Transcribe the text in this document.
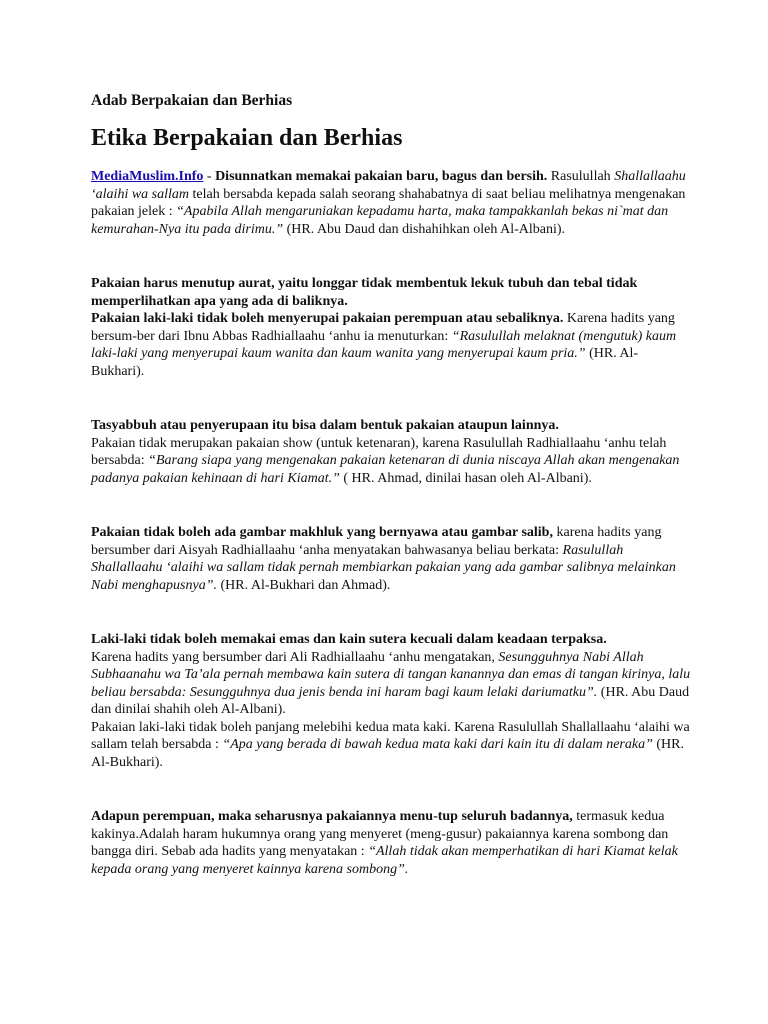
Adab Berpakaian dan Berhias
Etika Berpakaian dan Berhias

MediaMuslim.Info - Disunnatkan memakai pakaian baru, bagus dan bersih. Rasulullah Shallallaahu ‘alaihi wa sallam telah bersabda kepada salah seorang shahabatnya di saat beliau melihatnya mengenakan pakaian jelek : “Apabila Allah mengaruniakan kepadamu harta, maka tampakkanlah bekas ni`mat dan kemurahan-Nya itu pada dirimu.” (HR. Abu Daud dan dishahihkan oleh Al-Albani).

Pakaian harus menutup aurat, yaitu longgar tidak membentuk lekuk tubuh dan tebal tidak memperlihatkan apa yang ada di baliknya.
Pakaian laki-laki tidak boleh menyerupai pakaian perempuan atau sebaliknya. Karena hadits yang bersum-ber dari Ibnu Abbas Radhiallaahu ‘anhu ia menuturkan: “Rasulullah melaknat (mengutuk) kaum laki-laki yang menyerupai kaum wanita dan kaum wanita yang menyerupai kaum pria.” (HR. Al-Bukhari).

Tasyabbuh atau penyerupaan itu bisa dalam bentuk pakaian ataupun lainnya.
Pakaian tidak merupakan pakaian show (untuk ketenaran), karena Rasulullah Radhiallaahu ‘anhu telah bersabda: “Barang siapa yang mengenakan pakaian ketenaran di dunia niscaya Allah akan mengenakan padanya pakaian kehinaan di hari Kiamat.” ( HR. Ahmad, dinilai hasan oleh Al-Albani).

Pakaian tidak boleh ada gambar makhluk yang bernyawa atau gambar salib, karena hadits yang bersumber dari Aisyah Radhiallaahu ‘anha menyatakan bahwasanya beliau berkata: Rasulullah Shallallaahu ‘alaihi wa sallam tidak pernah membiarkan pakaian yang ada gambar salibnya melainkan Nabi menghapusnya”. (HR. Al-Bukhari dan Ahmad).

Laki-laki tidak boleh memakai emas dan kain sutera kecuali dalam keadaan terpaksa.
Karena hadits yang bersumber dari Ali Radhiallaahu ‘anhu mengatakan, Sesungguhnya Nabi Allah Subhaanahu wa Ta’ala pernah membawa kain sutera di tangan kanannya dan emas di tangan kirinya, lalu beliau bersabda: Sesungguhnya dua jenis benda ini haram bagi kaum lelaki dariumatku”. (HR. Abu Daud dan dinilai shahih oleh Al-Albani).
Pakaian laki-laki tidak boleh panjang melebihi kedua mata kaki. Karena Rasulullah Shallallaahu ‘alaihi wa sallam telah bersabda : “Apa yang berada di bawah kedua mata kaki dari kain itu di dalam neraka” (HR. Al-Bukhari).

Adapun perempuan, maka seharusnya pakaiannya menu-tup seluruh badannya, termasuk kedua kakinya.Adalah haram hukumnya orang yang menyeret (meng-gusur) pakaiannya karena sombong dan bangga diri. Sebab ada hadits yang menyatakan : “Allah tidak akan memperhatikan di hari Kiamat kelak kepada orang yang menyeret kainnya karena sombong”.
